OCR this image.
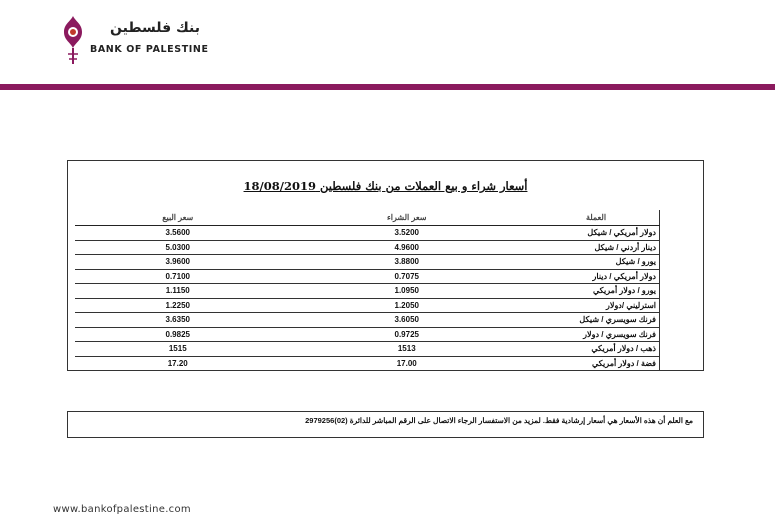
بنك فلسطين
BANK OF PALESTINE
أسعار شراء و بيع العملات من بنك فلسطين 18/08/2019
سعر البيع	سعر الشراء	العملة
3.5600	3.5200	دولار أمريكي / شيكل
5.0300	4.9600	دينار أردني / شيكل
3.9600	3.8800	يورو / شيكل
0.7100	0.7075	دولار أمريكي / دينار
1.1150	1.0950	يورو / دولار أمريكي
1.2250	1.2050	استرليني /دولار
3.6350	3.6050	فرنك سويسري / شيكل
0.9825	0.9725	فرنك سويسري / دولار
1515	1513	ذهب / دولار أمريكي
17.20	17.00	فضة / دولار أمريكي
مع العلم أن هذه الأسعار هي أسعار إرشادية فقط. لمزيد من الاستفسار الرجاء الاتصال على الرقم المباشر للدائرة (02)2979256
www.bankofpalestine.com
